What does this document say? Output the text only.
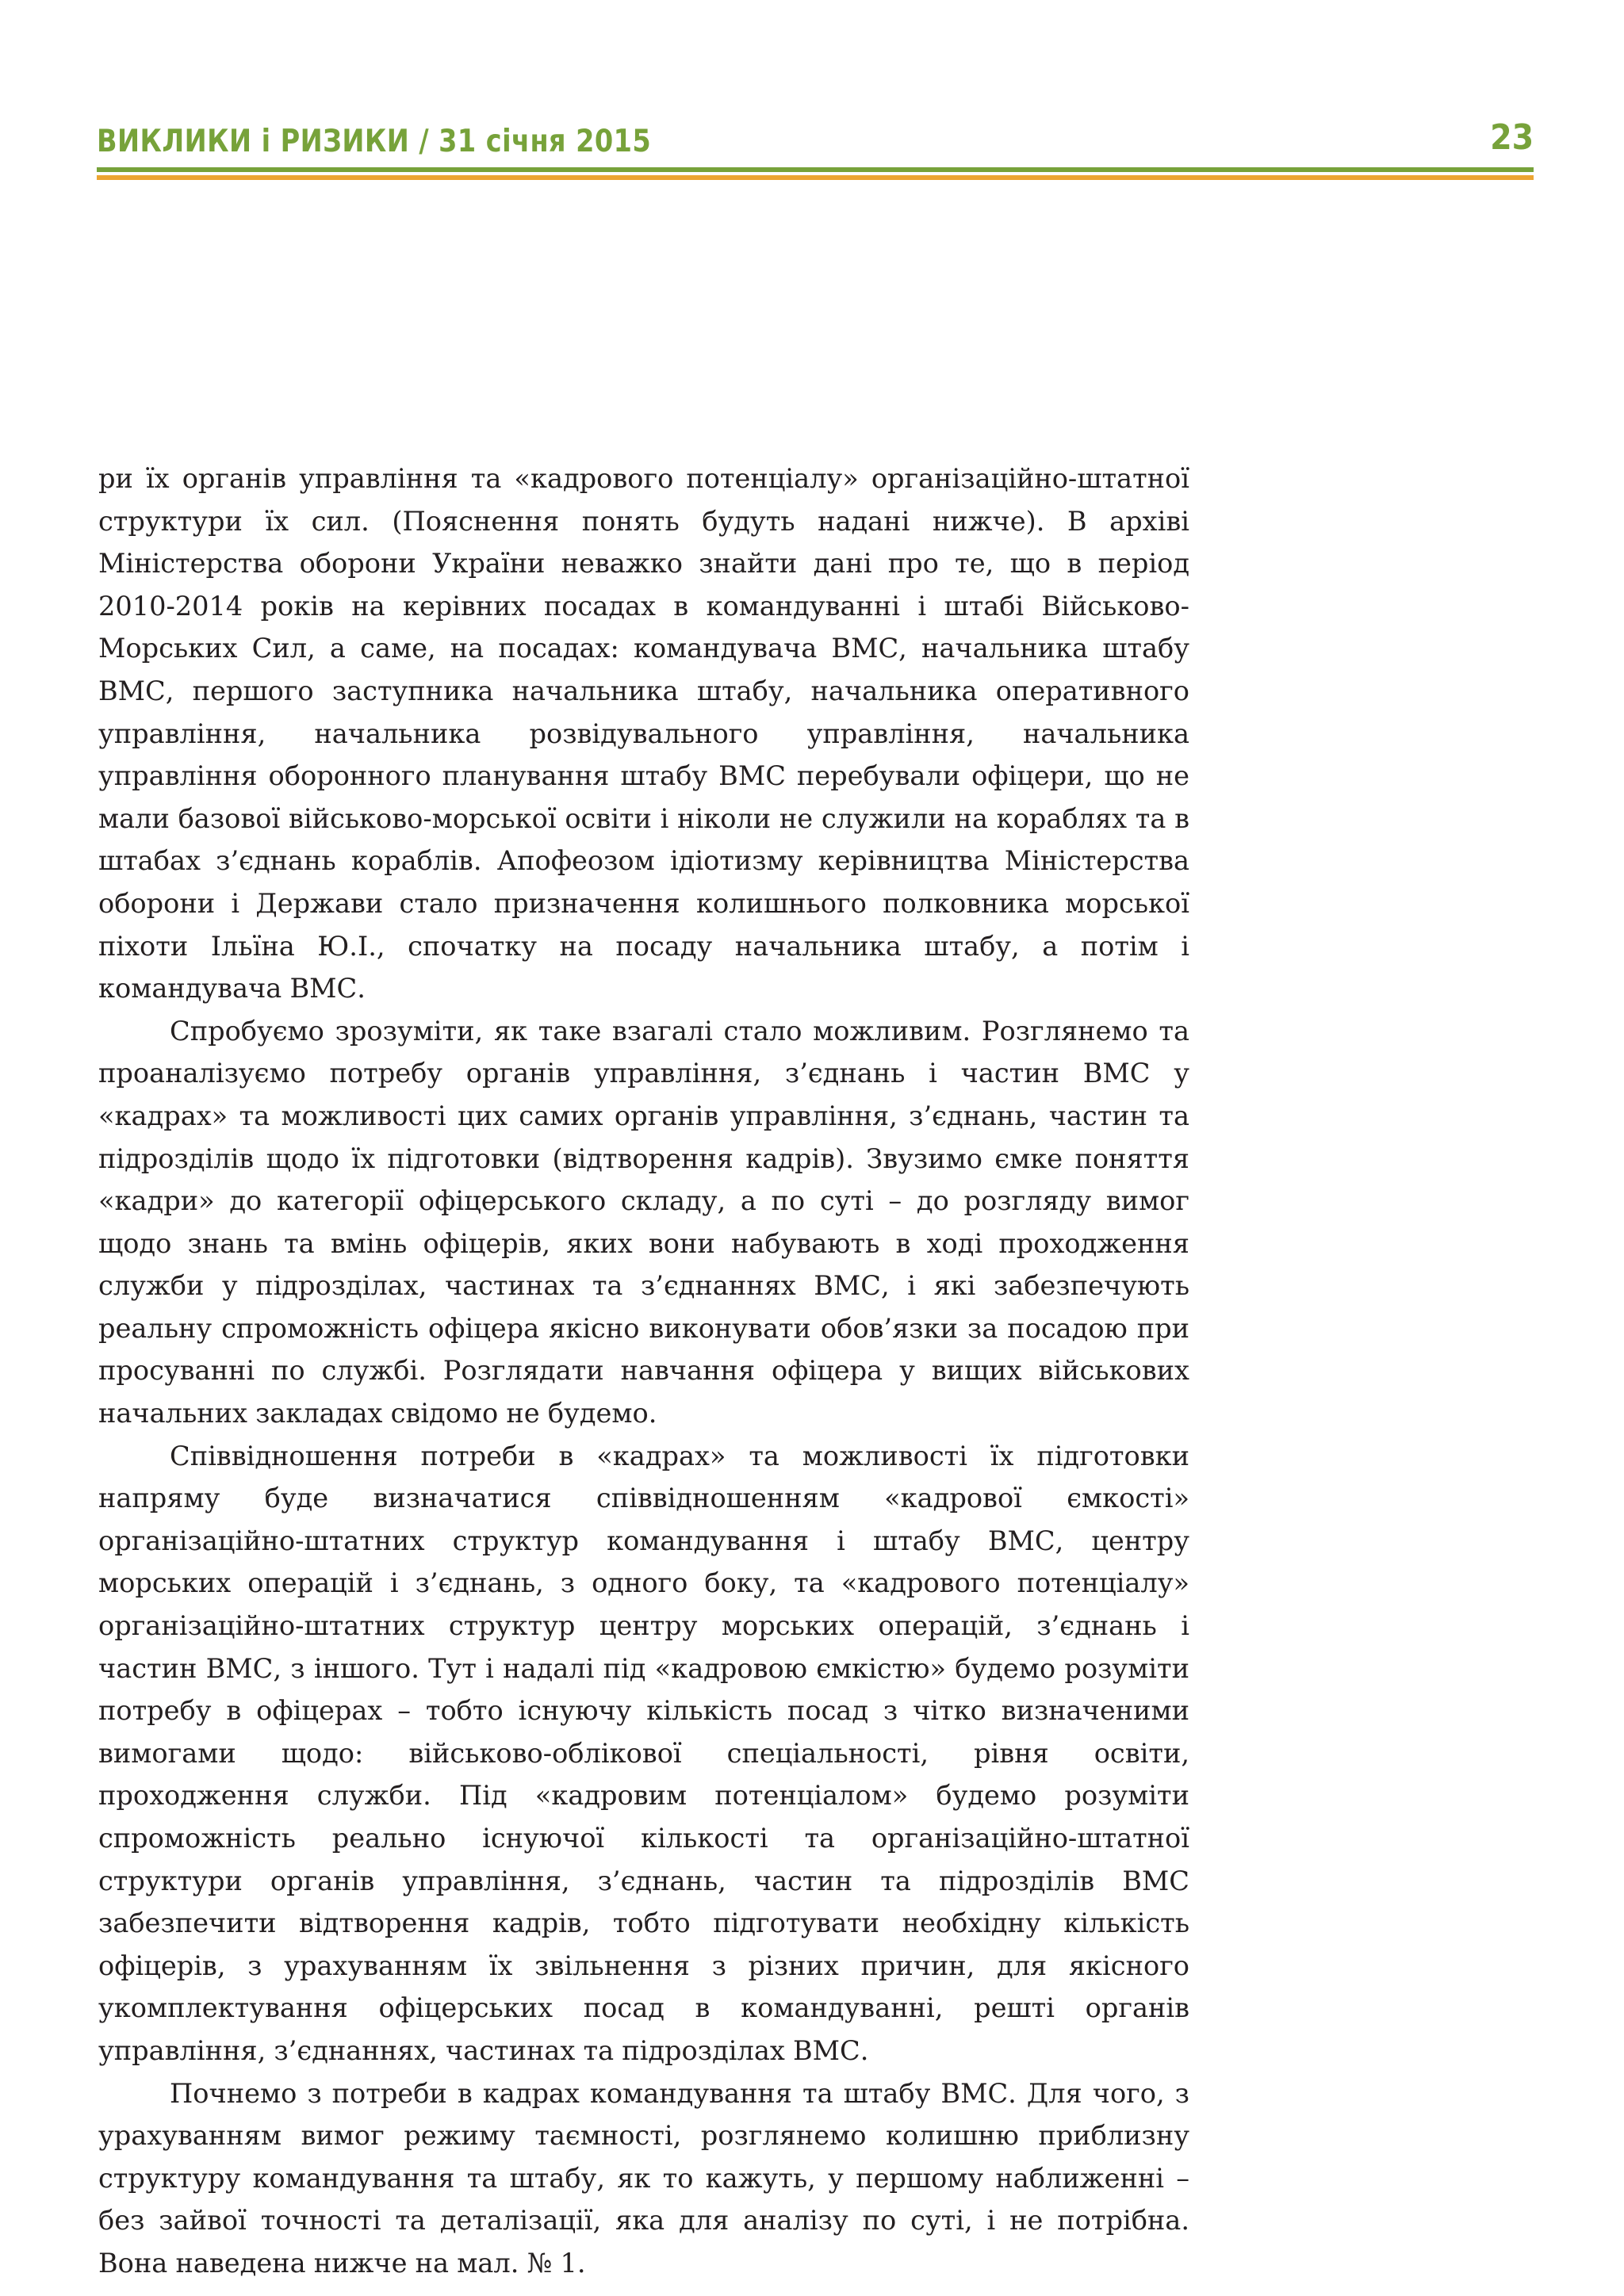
ВИКЛИКИ і РИЗИКИ / 31 січня 2015	23

ри їх органів управління та «кадрового потенціалу» організаційно-штатної структури їх сил. (Пояснення понять будуть надані нижче). В архіві Міністерства оборони України неважко знайти дані про те, що в період 2010-2014 років на керівних посадах в командуванні і штабі Військово-Морських Сил, а саме, на посадах: командувача ВМС, начальника штабу ВМС, першого заступника начальника штабу, начальника оперативного управління, начальника розвідувального управління, начальника управління оборонного планування штабу ВМС перебували офіцери, що не мали базової військово-морської освіти і ніколи не служили на кораблях та в штабах з’єднань кораблів. Апофеозом ідіотизму керівництва Міністерства оборони і Держави стало призначення колишнього полковника морської піхоти Ільїна Ю.І., спочатку на посаду начальника штабу, а потім і командувача ВМС.

Спробуємо зрозуміти, як таке взагалі стало можливим. Розглянемо та проаналізуємо потребу органів управління, з’єднань і частин ВМС у «кадрах» та можливості цих самих органів управління, з’єднань, частин та підрозділів щодо їх підготовки (відтворення кадрів). Звузимо ємке поняття «кадри» до категорії офіцерського складу, а по суті – до розгляду вимог щодо знань та вмінь офіцерів, яких вони набувають в ході проходження служби у підрозділах, частинах та з’єднаннях ВМС, і які забезпечують реальну спроможність офіцера якісно виконувати обов’язки за посадою при просуванні по службі. Розглядати навчання офіцера у вищих військових начальних закладах свідомо не будемо.

Співвідношення потреби в «кадрах» та можливості їх підготовки напряму буде визначатися співвідношенням «кадрової ємкості» організаційно-штатних структур командування і штабу ВМС, центру морських операцій і з’єднань, з одного боку, та «кадрового потенціалу» організаційно-штатних структур центру морських операцій, з’єднань і частин ВМС, з іншого. Тут і надалі під «кадровою ємкістю» будемо розуміти потребу в офіцерах – тобто існуючу кількість посад з чітко визначеними вимогами щодо: військово-облікової спеціальності, рівня освіти, проходження служби. Під «кадровим потенціалом» будемо розуміти спроможність реально існуючої кількості та організаційно-штатної структури органів управління, з’єднань, частин та підрозділів ВМС забезпечити відтворення кадрів, тобто підготувати необхідну кількість офіцерів, з урахуванням їх звільнення з різних причин, для якісного укомплектування офіцерських посад в командуванні, решті органів управління, з’єднаннях, частинах та підрозділах ВМС.

Почнемо з потреби в кадрах командування та штабу ВМС. Для чого, з урахуванням вимог режиму таємності, розглянемо колишню приблизну структуру командування та штабу, як то кажуть, у першому наближенні – без зайвої точності та деталізації, яка для аналізу по суті, і не потрібна. Вона наведена нижче на мал. № 1.
